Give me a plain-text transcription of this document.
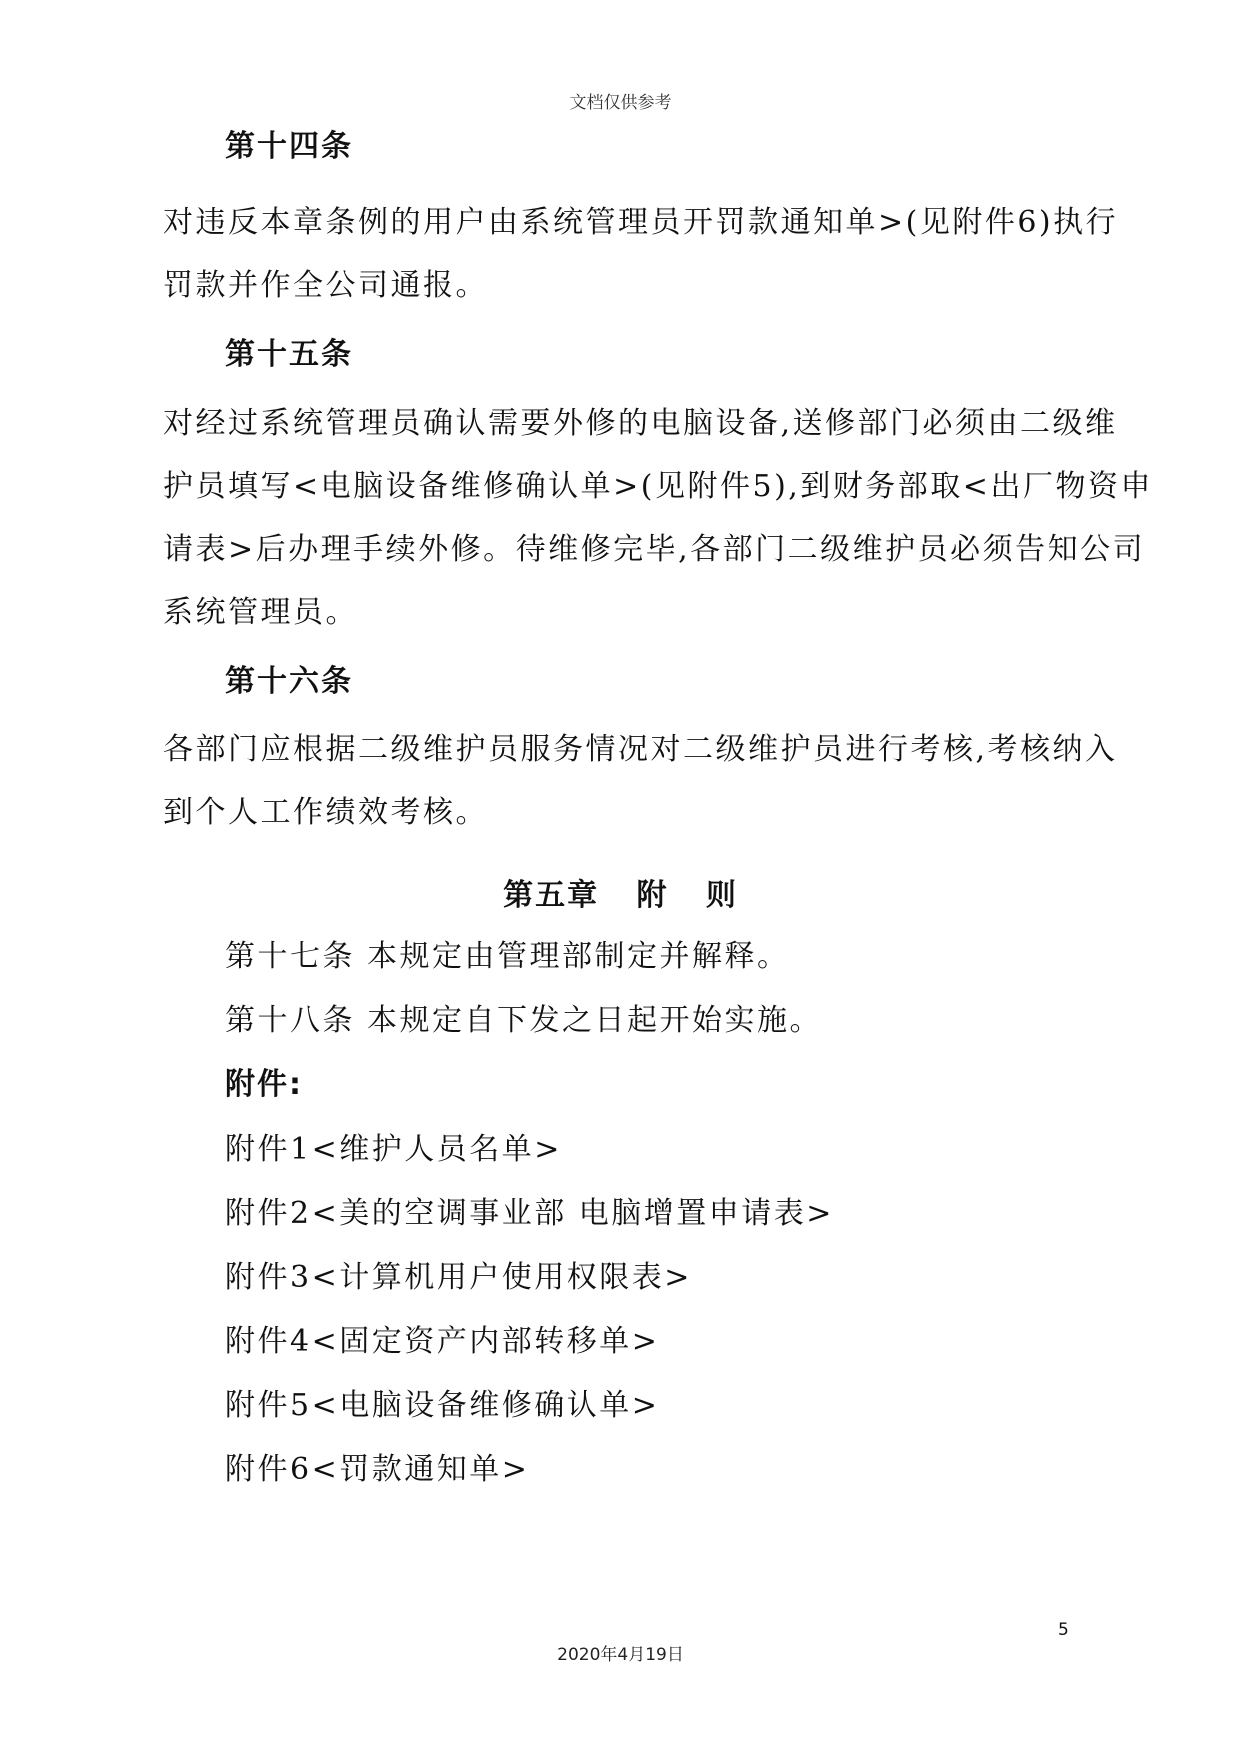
文档仅供参考
第十四条
对违反本章条例的用户由系统管理员开罚款通知单>(见附件6)执行
罚款并作全公司通报。
第十五条
对经过系统管理员确认需要外修的电脑设备,送修部门必须由二级维
护员填写<电脑设备维修确认单>(见附件5),到财务部取<出厂物资申
请表>后办理手续外修。待维修完毕,各部门二级维护员必须告知公司
系统管理员。
第十六条
各部门应根据二级维护员服务情况对二级维护员进行考核,考核纳入
到个人工作绩效考核。
第五章   附   则
第十七条 本规定由管理部制定并解释。
第十八条 本规定自下发之日起开始实施。
附件:
附件1<维护人员名单>
附件2<美的空调事业部 电脑增置申请表>
附件3<计算机用户使用权限表>
附件4<固定资产内部转移单>
附件5<电脑设备维修确认单>
附件6<罚款通知单>
5
2020年4月19日
